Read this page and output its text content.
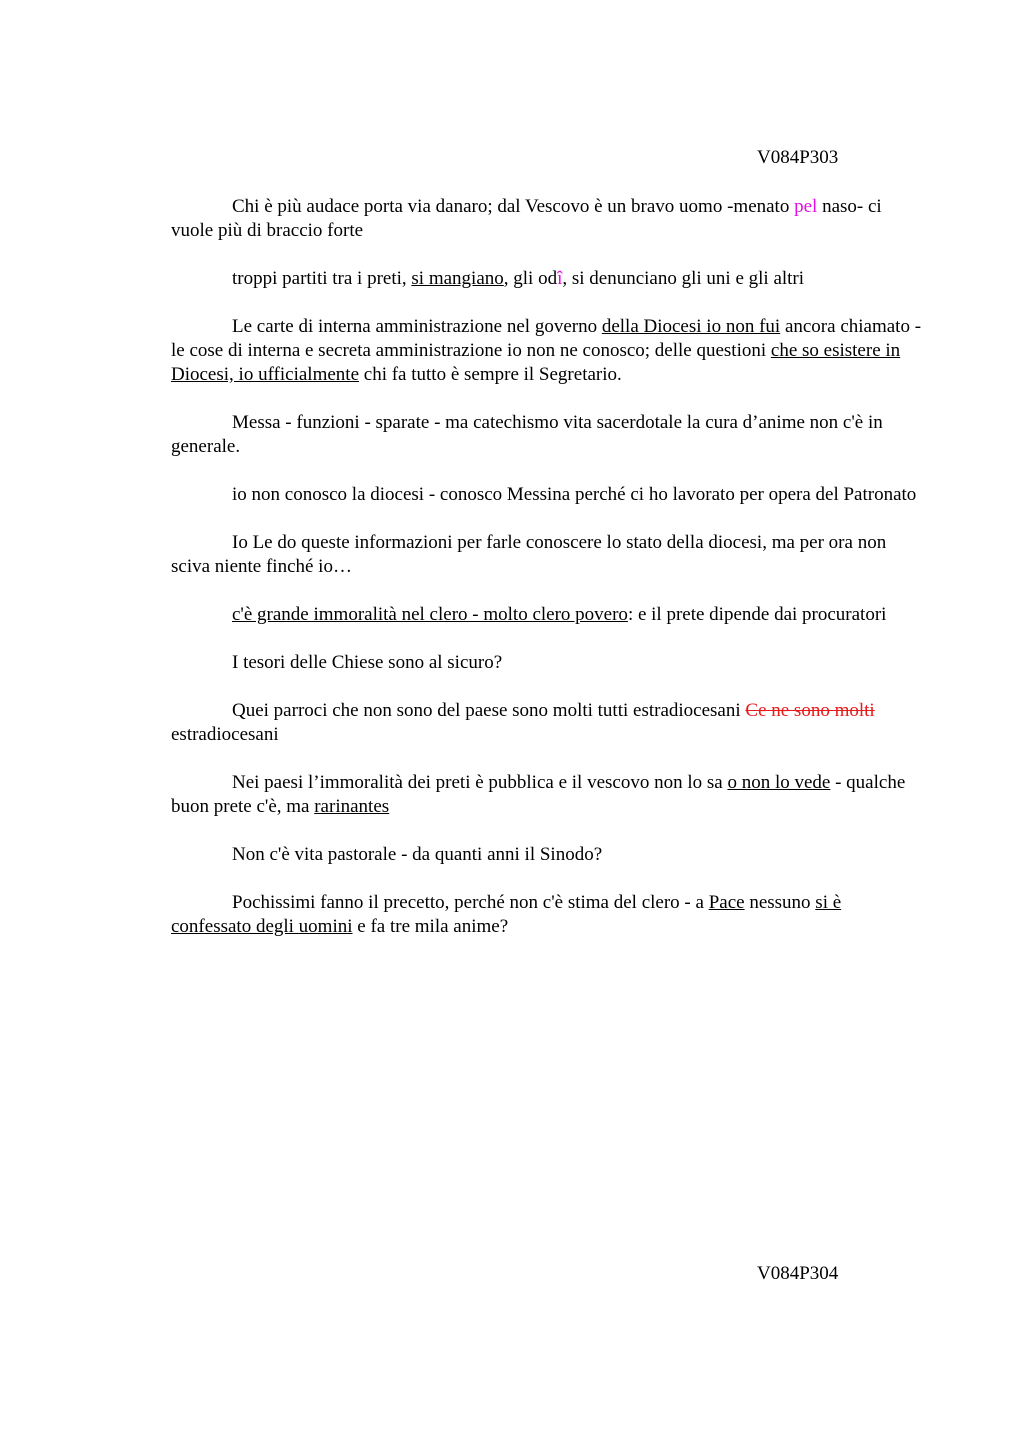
V084P303

Chi è più audace porta via danaro; dal Vescovo è un bravo uomo -menato pel naso- ci vuole più di braccio forte

troppi partiti tra i preti, si mangiano, gli odî, si denunciano gli uni e gli altri

Le carte di interna amministrazione nel governo della Diocesi io non fui ancora chiamato - le cose di interna e secreta amministrazione io non ne conosco; delle questioni che so esistere in Diocesi, io ufficialmente chi fa tutto è sempre il Segretario.

Messa - funzioni - sparate - ma catechismo vita sacerdotale la cura d’anime non c'è in generale.

io non conosco la diocesi - conosco Messina perché ci ho lavorato per opera del Patronato

Io Le do queste informazioni per farle conoscere lo stato della diocesi, ma per ora non sciva niente finché io…

c'è grande immoralità nel clero - molto clero povero: e il prete dipende dai procuratori

I tesori delle Chiese sono al sicuro?

Quei parroci che non sono del paese sono molti tutti estradiocesani Ce ne sono molti estradiocesani

Nei paesi l’immoralità dei preti è pubblica e il vescovo non lo sa o non lo vede - qualche buon prete c'è, ma rarinantes

Non c'è vita pastorale - da quanti anni il Sinodo?

Pochissimi fanno il precetto, perché non c'è stima del clero - a Pace nessuno si è confessato degli uomini e fa tre mila anime?

V084P304
